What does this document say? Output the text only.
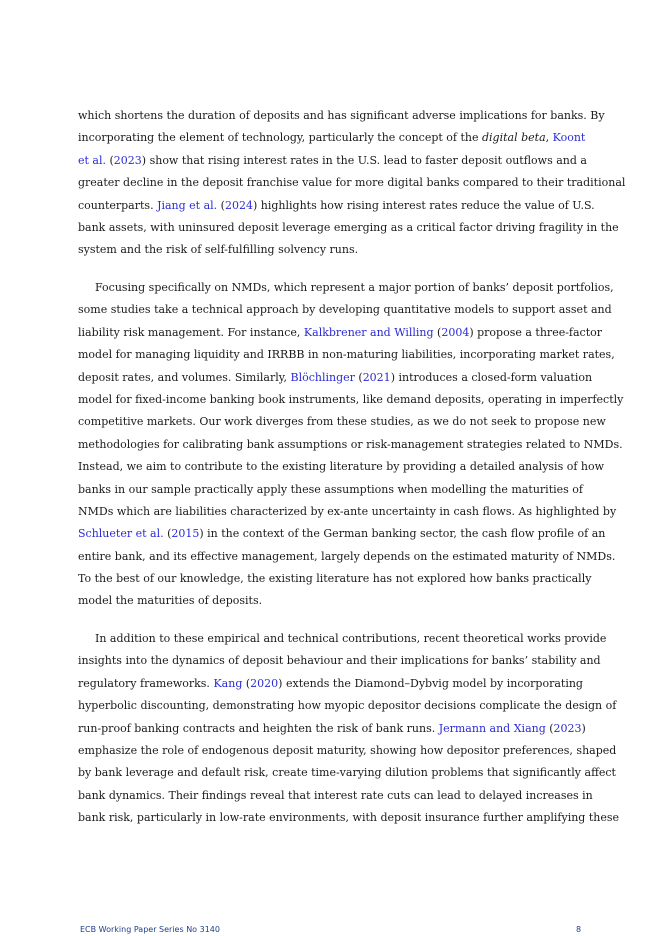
which shortens the duration of deposits and has significant adverse implications for banks. By
incorporating the element of technology, particularly the concept of the digital beta, Koont
et al. (2023) show that rising interest rates in the U.S. lead to faster deposit outflows and a
greater decline in the deposit franchise value for more digital banks compared to their traditional
counterparts. Jiang et al. (2024) highlights how rising interest rates reduce the value of U.S.
bank assets, with uninsured deposit leverage emerging as a critical factor driving fragility in the
system and the risk of self-fulfilling solvency runs.
Focusing specifically on NMDs, which represent a major portion of banks’ deposit portfolios,
some studies take a technical approach by developing quantitative models to support asset and
liability risk management. For instance, Kalkbrener and Willing (2004) propose a three-factor
model for managing liquidity and IRRBB in non-maturing liabilities, incorporating market rates,
deposit rates, and volumes. Similarly, Blöchlinger (2021) introduces a closed-form valuation
model for fixed-income banking book instruments, like demand deposits, operating in imperfectly
competitive markets. Our work diverges from these studies, as we do not seek to propose new
methodologies for calibrating bank assumptions or risk-management strategies related to NMDs.
Instead, we aim to contribute to the existing literature by providing a detailed analysis of how
banks in our sample practically apply these assumptions when modelling the maturities of
NMDs which are liabilities characterized by ex-ante uncertainty in cash flows. As highlighted by
Schlueter et al. (2015) in the context of the German banking sector, the cash flow profile of an
entire bank, and its effective management, largely depends on the estimated maturity of NMDs.
To the best of our knowledge, the existing literature has not explored how banks practically
model the maturities of deposits.
In addition to these empirical and technical contributions, recent theoretical works provide
insights into the dynamics of deposit behaviour and their implications for banks’ stability and
regulatory frameworks. Kang (2020) extends the Diamond–Dybvig model by incorporating
hyperbolic discounting, demonstrating how myopic depositor decisions complicate the design of
run-proof banking contracts and heighten the risk of bank runs. Jermann and Xiang (2023)
emphasize the role of endogenous deposit maturity, showing how depositor preferences, shaped
by bank leverage and default risk, create time-varying dilution problems that significantly affect
bank dynamics. Their findings reveal that interest rate cuts can lead to delayed increases in
bank risk, particularly in low-rate environments, with deposit insurance further amplifying these
ECB Working Paper Series No 3140	8
